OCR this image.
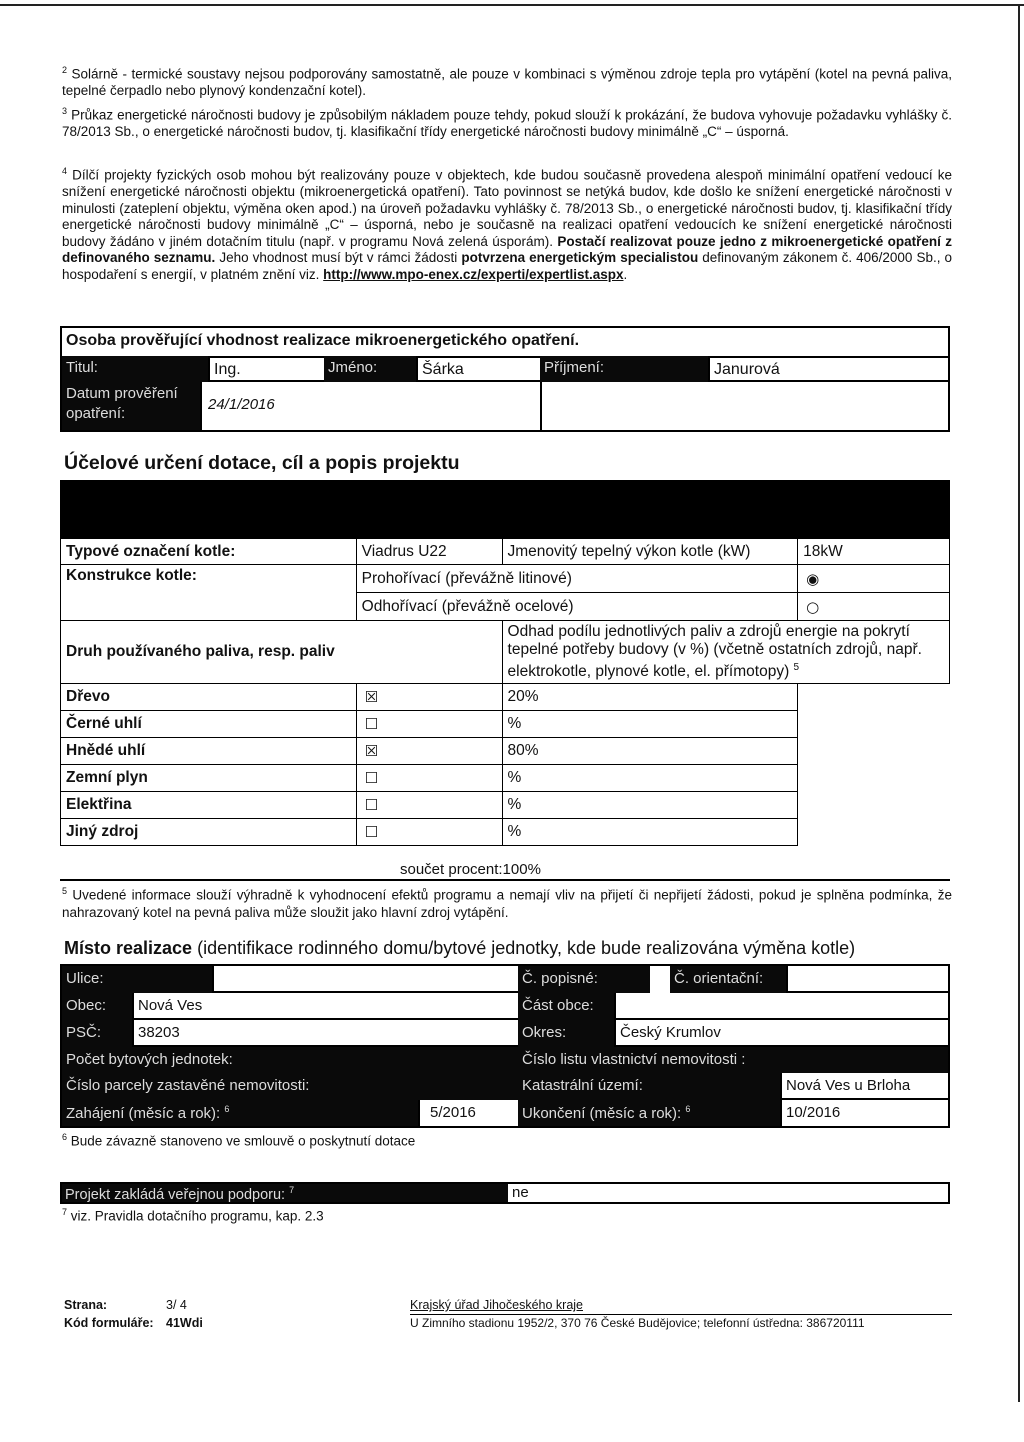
$^2$ Solárně - termické soustavy nejsou podporovány samostatně, ale pouze v kombinaci s výměnou zdroje tepla pro vytápění (kotel na pevná paliva, tepelné čerpadlo nebo plynový kondenzační kotel).
$^3$ Průkaz energetické náročnosti budovy je způsobilým nákladem pouze tehdy, pokud slouží k prokázání, že budova vyhovuje požadavku vyhlášky č. 78/2013 Sb., o energetické náročnosti budov, tj. klasifikační třídy energetické náročnosti budovy minimálně „C“ – úsporná.
$^4$ Dílčí projekty fyzických osob mohou být realizovány pouze v objektech, kde budou současně provedena alespoň minimální opatření vedoucí ke snížení energetické náročnosti objektu (mikroenergetická opatření). Tato povinnost se netýká budov, kde došlo ke snížení energetické náročnosti v minulosti (zateplení objektu, výměna oken apod.) na úroveň požadavku vyhlášky č. 78/2013 Sb., o energetické náročnosti budov, tj. klasifikační třídy energetické náročnosti budovy minimálně „C“ – úsporná, nebo je současně na realizaci opatření vedoucích ke snížení energetické náročnosti budovy žádáno v jiném dotačním titulu (např. v programu Nová zelená úsporám). Postačí realizovat pouze jedno z mikroenergetické opatření z definovaného seznamu. Jeho vhodnost musí být v rámci žádosti potvrzena energetickým specialistou definovaným zákonem č. 406/2000 Sb., o hospodaření s energií, v platném znění viz. http://www.mpo-enex.cz/experti/expertlist.aspx.
Osoba prověřující vhodnost realizace mikroenergetického opatření.
Titul:	Ing.	Jméno:	Šárka	Příjmení:	Janurová
Datum prověření opatření:
24/1/2016
Účelové určení dotace, cíl a popis projektu
Typové označení kotle:	Viadrus U22	Jmenovitý tepelný výkon kotle (kW)	18kW
Konstrukce kotle:	Prohořívací (převážně litinové)		◉
	Odhořívací (převážně ocelové)		○
Druh používaného paliva, resp. paliv		Odhad podílu jednotlivých paliv a zdrojů energie na pokrytí tepelné potřeby budovy (v %) (včetně ostatních zdrojů, např. elektrokotle, plynové kotle, el. přímotopy) $^5$
Dřevo	☒	20%	
Černé uhlí	☐	%	
Hnědé uhlí	☒	80%	
Zemní plyn	☐	%	
Elektřina	☐	%	
Jiný zdroj	☐	%	
součet procent:100%
$^5$ Uvedené informace slouží výhradně k vyhodnocení efektů programu a nemají vliv na přijetí či nepřijetí žádosti, pokud je splněna podmínka, že nahrazovaný kotel na pevná paliva může sloužit jako hlavní zdroj vytápění.
Místo realizace (identifikace rodinného domu/bytové jednotky, kde bude realizována výměna kotle)
Ulice:	Č. popisné:	Č. orientační:
Obec:	Nová Ves	Část obce:
PSČ:	38203	Okres:	Český Krumlov
Počet bytových jednotek:	Číslo listu vlastnictví nemovitosti :
Číslo parcely zastavěné nemovitosti:	Katastrální území:	Nová Ves u Brloha
Zahájení (měsíc a rok): $^6$	5/2016	Ukončení (měsíc a rok): $^6$	10/2016
$^6$ Bude závazně stanoveno ve smlouvě o poskytnutí dotace
Projekt zakládá veřejnou podporu: $^7$	ne
$^7$ viz. Pravidla dotačního programu, kap. 2.3
Strana:	3/ 4
Kód formuláře: 41Wdi
Krajský úřad Jihočeského kraje
U Zimního stadionu 1952/2, 370 76 České Budějovice; telefonní ústředna: 386720111
